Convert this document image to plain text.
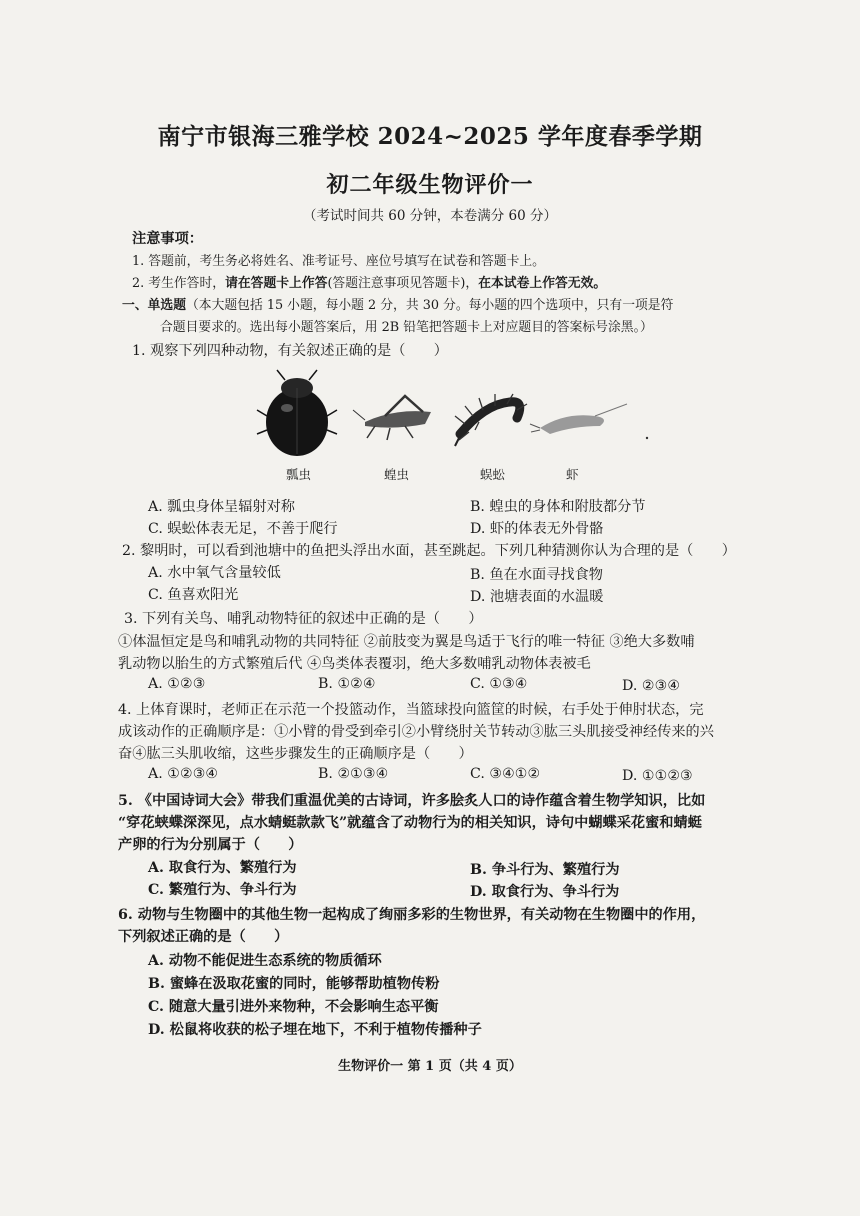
南宁市银海三雅学校 2024~2025 学年度春季学期
初二年级生物评价一
（考试时间共 60 分钟，本卷满分 60 分）
注意事项：
1. 答题前，考生务必将姓名、准考证号、座位号填写在试卷和答题卡上。
2. 考生作答时，请在答题卡上作答(答题注意事项见答题卡)，在本试卷上作答无效。
一、单选题（本大题包括 15 小题，每小题 2 分，共 30 分。每小题的四个选项中，只有一项是符
合题目要求的。选出每小题答案后，用 2B 铅笔把答题卡上对应题目的答案标号涂黑。）
1. 观察下列四种动物，有关叙述正确的是（　　）
瓢虫	蝗虫	蜈蚣	虾
A. 瓢虫身体呈辐射对称	B. 蝗虫的身体和附肢都分节
C. 蜈蚣体表无足，不善于爬行	D. 虾的体表无外骨骼
2. 黎明时，可以看到池塘中的鱼把头浮出水面，甚至跳起。下列几种猜测你认为合理的是（　　）
A. 水中氧气含量较低	B. 鱼在水面寻找食物
C. 鱼喜欢阳光	D. 池塘表面的水温暖
3. 下列有关鸟、哺乳动物特征的叙述中正确的是（　　）
①体温恒定是鸟和哺乳动物的共同特征 ②前肢变为翼是鸟适于飞行的唯一特征 ③绝大多数哺
乳动物以胎生的方式繁殖后代 ④鸟类体表覆羽，绝大多数哺乳动物体表被毛
A. ①②③	B. ①②④	C. ①③④	D. ②③④
4. 上体育课时，老师正在示范一个投篮动作，当篮球投向篮筐的时候，右手处于伸肘状态，完
成该动作的正确顺序是：①小臂的骨受到牵引②小臂绕肘关节转动③肱三头肌接受神经传来的兴
奋④肱三头肌收缩，这些步骤发生的正确顺序是（　　）
A. ①②③④	B. ②①③④	C. ③④①②	D. ①①②③
5. 《中国诗词大会》带我们重温优美的古诗词，许多脍炙人口的诗作蕴含着生物学知识，比如
“穿花蛱蝶深深见，点水蜻蜓款款飞”就蕴含了动物行为的相关知识，诗句中蝴蝶采花蜜和蜻蜓
产卵的行为分别属于（　　）
A. 取食行为、繁殖行为	B. 争斗行为、繁殖行为
C. 繁殖行为、争斗行为	D. 取食行为、争斗行为
6. 动物与生物圈中的其他生物一起构成了绚丽多彩的生物世界，有关动物在生物圈中的作用，
下列叙述正确的是（　　）
A. 动物不能促进生态系统的物质循环
B. 蜜蜂在汲取花蜜的同时，能够帮助植物传粉
C. 随意大量引进外来物种，不会影响生态平衡
D. 松鼠将收获的松子埋在地下，不利于植物传播种子
生物评价一 第 1 页（共 4 页）
